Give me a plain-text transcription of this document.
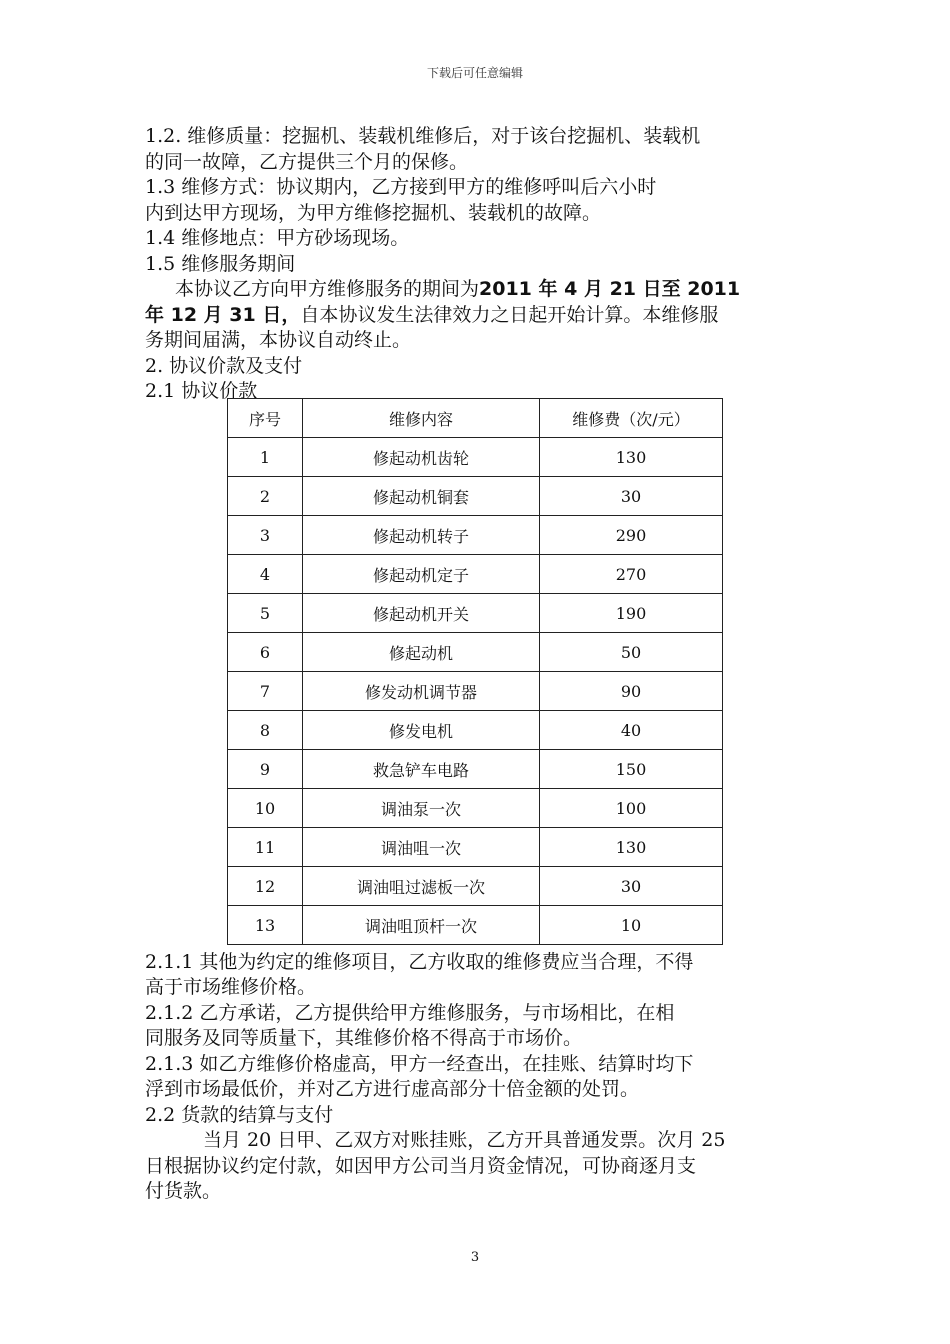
下载后可任意编辑

1.2. 维修质量：挖掘机、装载机维修后，对于该台挖掘机、装载机

的同一故障，乙方提供三个月的保修。

1.3 维修方式：协议期内，乙方接到甲方的维修呼叫后六小时

内到达甲方现场，为甲方维修挖掘机、装载机的故障。

1.4 维修地点：甲方砂场现场。

1.5 维修服务期间

本协议乙方向甲方维修服务的期间为2011 年 4 月 21 日至 2011

年 12 月 31 日，自本协议发生法律效力之日起开始计算。本维修服

务期间届满，本协议自动终止。

2. 协议价款及支付

2.1 协议价款

2.1.1 其他为约定的维修项目，乙方收取的维修费应当合理，不得

高于市场维修价格。

2.1.2 乙方承诺，乙方提供给甲方维修服务，与市场相比，在相

同服务及同等质量下，其维修价格不得高于市场价。

2.1.3 如乙方维修价格虚高，甲方一经查出，在挂账、结算时均下

浮到市场最低价，并对乙方进行虚高部分十倍金额的处罚。

2.2 货款的结算与支付

当月 20 日甲、乙双方对账挂账，乙方开具普通发票。次月 25

日根据协议约定付款，如因甲方公司当月资金情况，可协商逐月支

付货款。

序号	维修内容	维修费（次/元）
1	修起动机齿轮	130
2	修起动机铜套	30
3	修起动机转子	290
4	修起动机定子	270
5	修起动机开关	190
6	修起动机	50
7	修发动机调节器	90
8	修发电机	40
9	救急铲车电路	150
10	调油泵一次	100
11	调油咀一次	130
12	调油咀过滤板一次	30
13	调油咀顶杆一次	10
3
